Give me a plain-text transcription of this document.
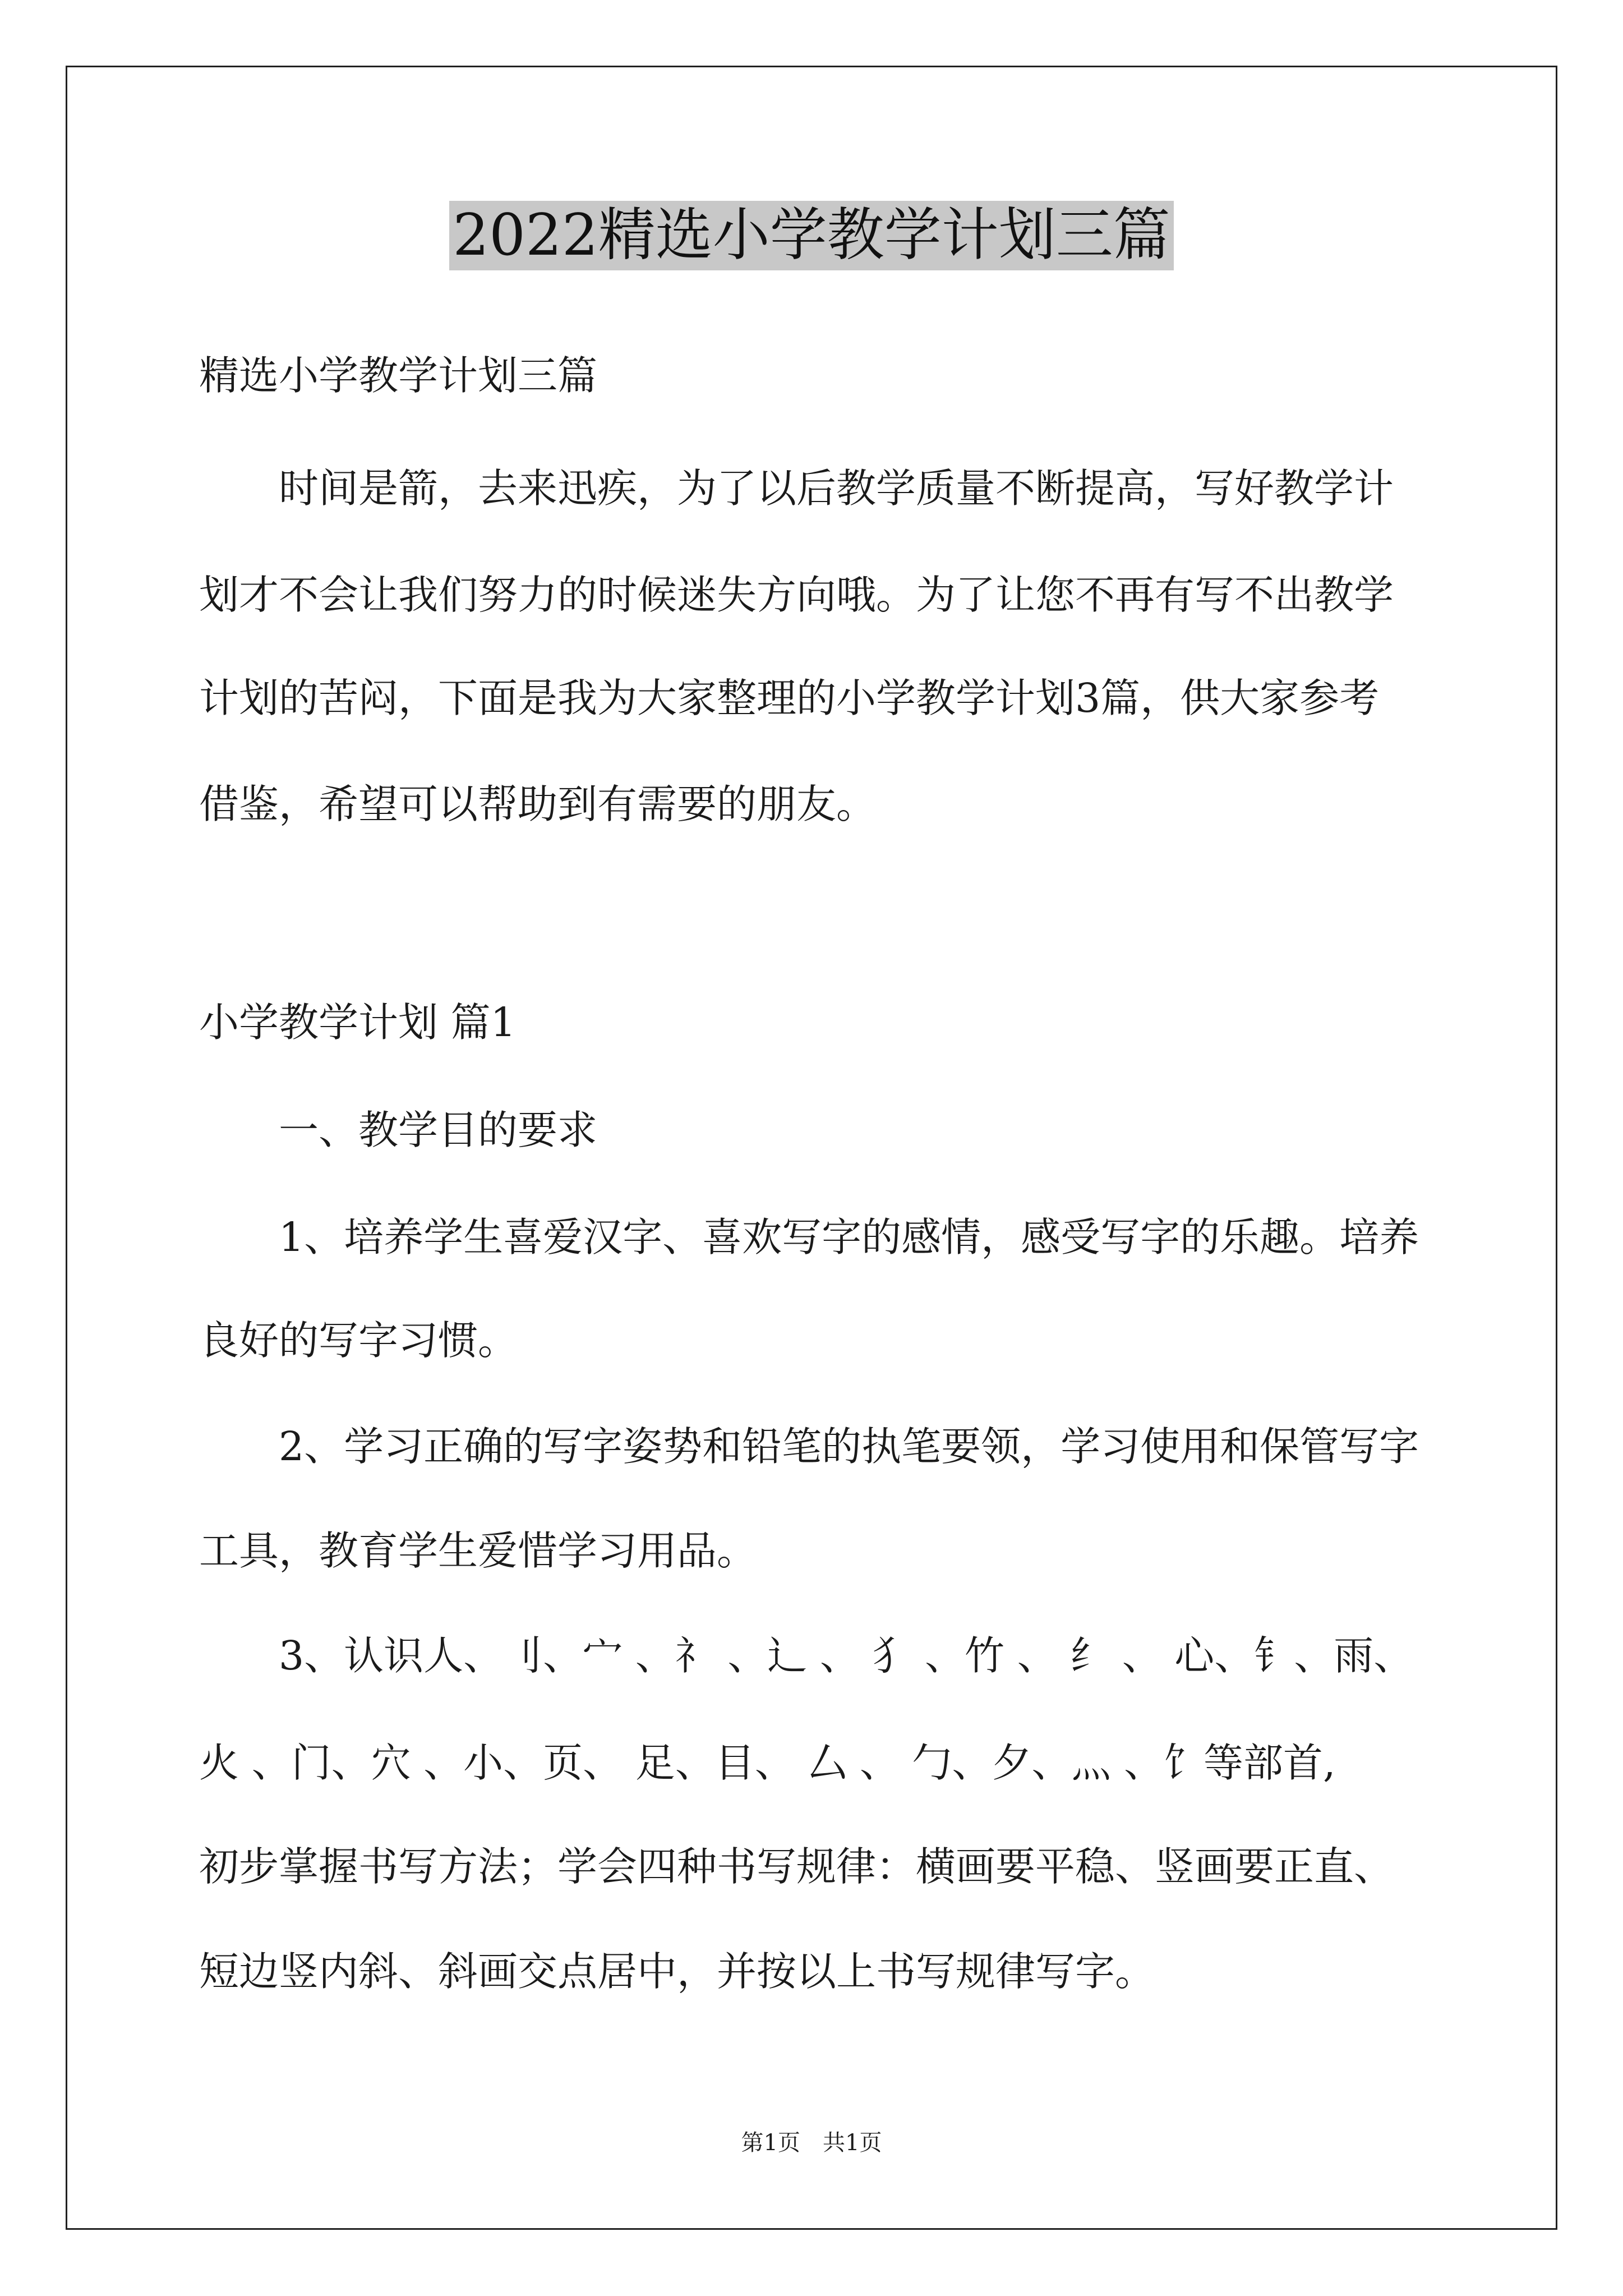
2022精选小学教学计划三篇
精选小学教学计划三篇
时间是箭，去来迅疾，为了以后教学质量不断提高，写好教学计
划才不会让我们努力的时候迷失方向哦。为了让您不再有写不出教学
计划的苦闷，下面是我为大家整理的小学教学计划3篇，供大家参考
借鉴，希望可以帮助到有需要的朋友。
小学教学计划 篇1
一、教学目的要求
1、培养学生喜爱汉字、喜欢写字的感情，感受写字的乐趣。培养
良好的写字习惯。
2、学习正确的写字姿势和铅笔的执笔要领，学习使用和保管写字
工具，教育学生爱惜学习用品。
3、认识人、刂、宀 、礻 、辶 、 犭 、竹 、 纟 、 心、钅、雨、
火 、门、穴 、小、页、 足、目、 厶 、 勹、夕、灬 、饣等部首,
初步掌握书写方法；学会四种书写规律：横画要平稳、竖画要正直、
短边竖内斜、斜画交点居中，并按以上书写规律写字。
第1页 共1页
